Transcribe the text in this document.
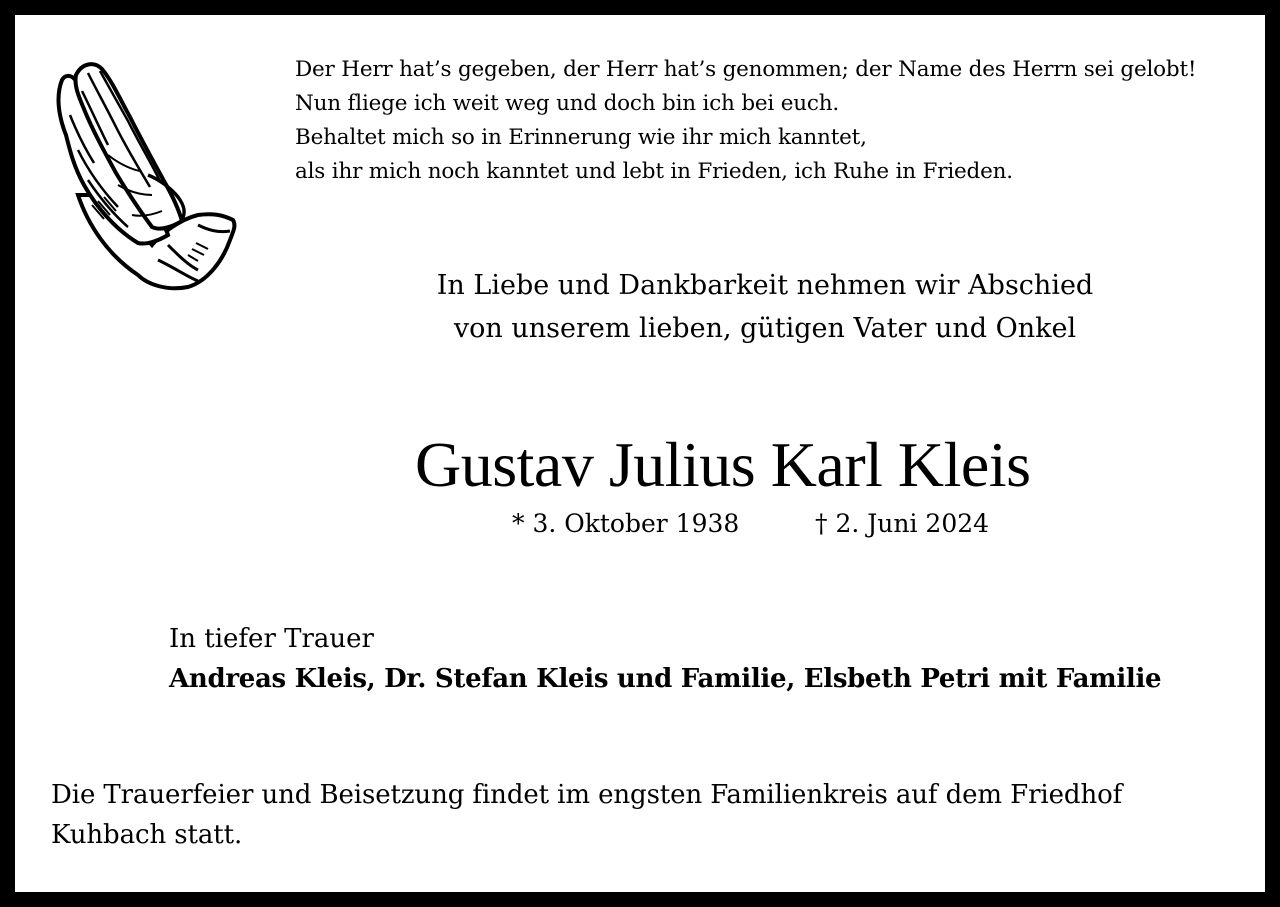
Der Herr hat’s gegeben, der Herr hat’s genommen; der Name des Herrn sei gelobt!
Nun fliege ich weit weg und doch bin ich bei euch.
Behaltet mich so in Erinnerung wie ihr mich kanntet,
als ihr mich noch kanntet und lebt in Frieden, ich Ruhe in Frieden.
In Liebe und Dankbarkeit nehmen wir Abschied
von unserem lieben, gütigen Vater und Onkel
Gustav Julius Karl Kleis
* 3. Oktober 1938	† 2. Juni 2024
In tiefer Trauer
Andreas Kleis, Dr. Stefan Kleis und Familie, Elsbeth Petri mit Familie
Die Trauerfeier und Beisetzung findet im engsten Familienkreis auf dem Friedhof Kuhbach statt.
